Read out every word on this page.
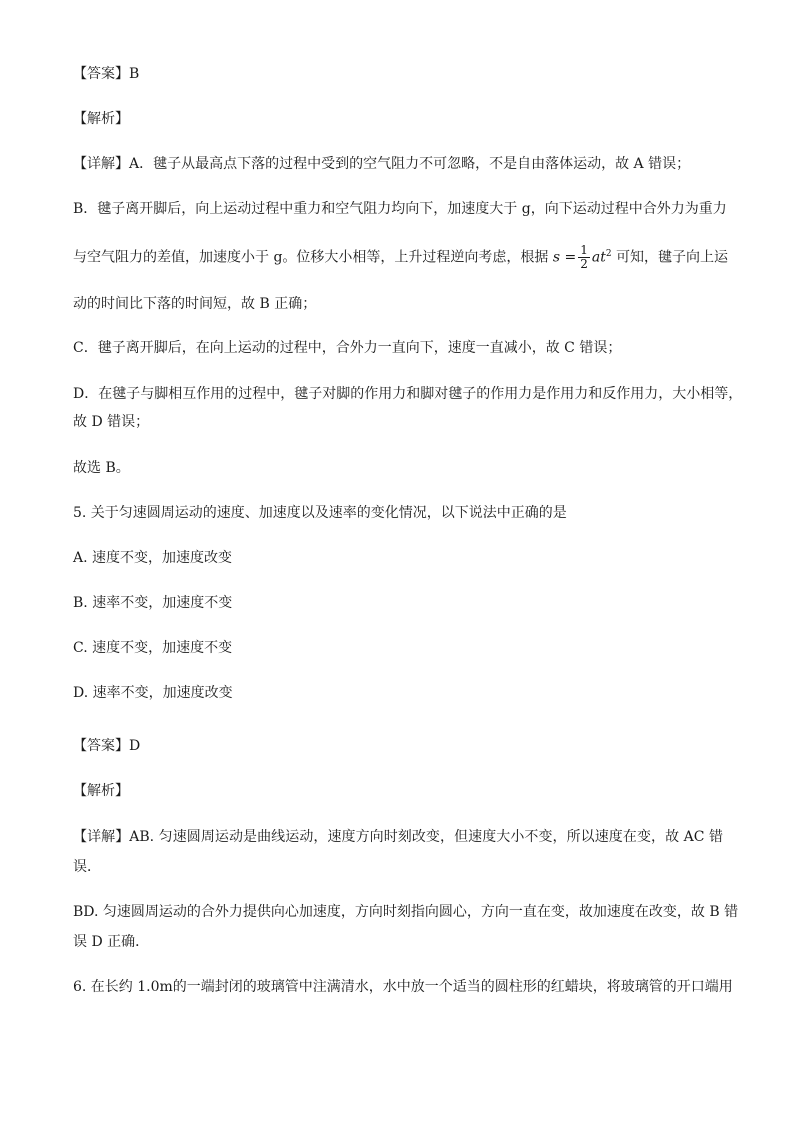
【答案】B
【解析】
【详解】A．毽子从最高点下落的过程中受到的空气阻力不可忽略，不是自由落体运动，故 A 错误；
B．毽子离开脚后，向上运动过程中重力和空气阻力均向下，加速度大于 g，向下运动过程中合外力为重力
与空气阻力的差值，加速度小于 g。位移大小相等，上升过程逆向考虑，根据 $s = \frac{1}{2} at^2$ 可知，毽子向上运
动的时间比下落的时间短，故 B 正确；
C．毽子离开脚后，在向上运动的过程中，合外力一直向下，速度一直减小，故 C 错误；
D．在毽子与脚相互作用的过程中，毽子对脚的作用力和脚对毽子的作用力是作用力和反作用力，大小相等，
故 D 错误；
故选 B。
5. 关于匀速圆周运动的速度、加速度以及速率的变化情况，以下说法中正确的是
A. 速度不变，加速度改变
B. 速率不变，加速度不变
C. 速度不变，加速度不变
D. 速率不变，加速度改变
【答案】D
【解析】
【详解】AB. 匀速圆周运动是曲线运动，速度方向时刻改变，但速度大小不变，所以速度在变，故 AC 错
误．
BD. 匀速圆周运动的合外力提供向心加速度，方向时刻指向圆心，方向一直在变，故加速度在改变，故 B 错
误 D 正确．
6. 在长约 1.0m的一端封闭的玻璃管中注满清水，水中放一个适当的圆柱形的红蜡块，将玻璃管的开口端用
